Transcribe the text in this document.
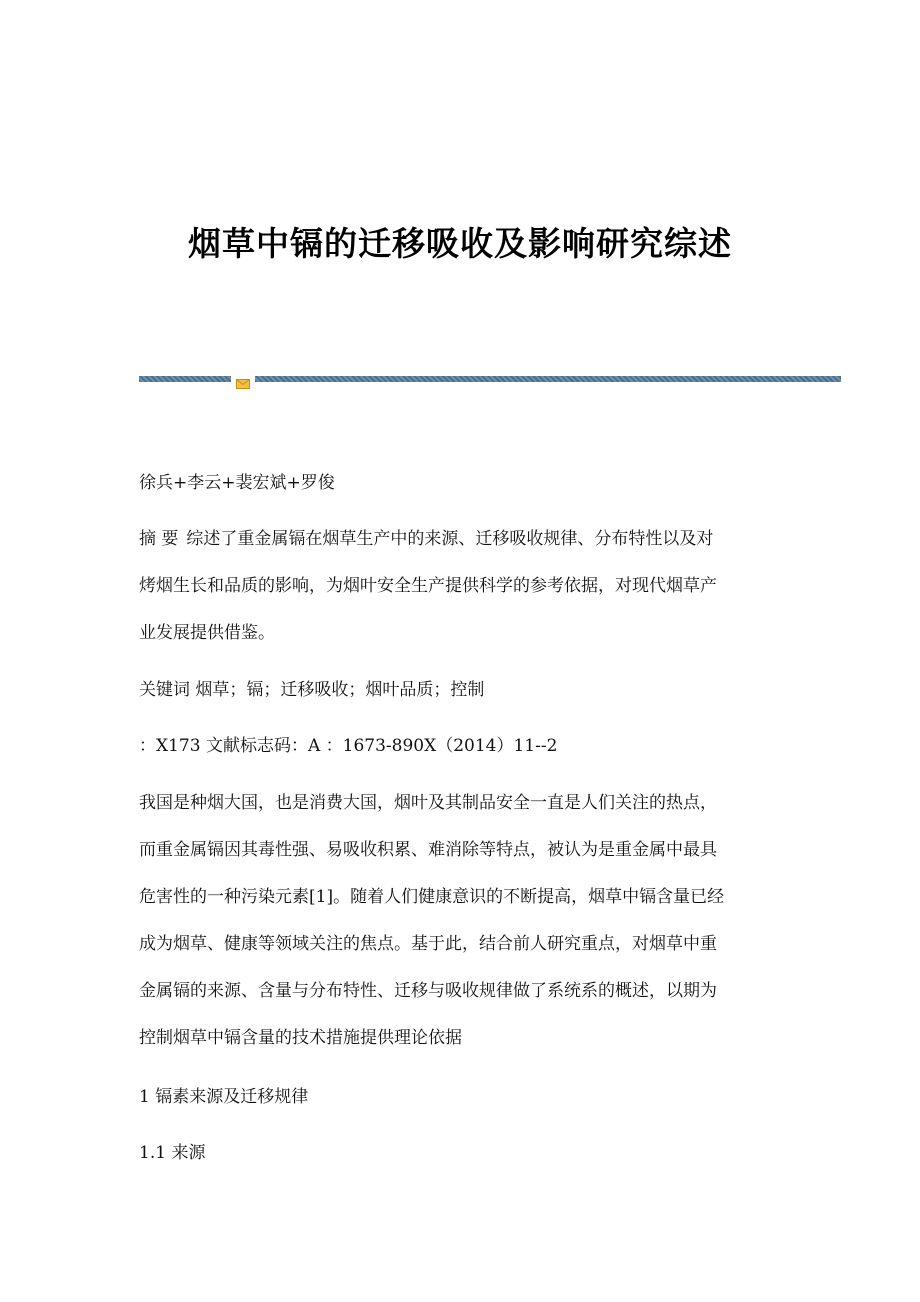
烟草中镉的迁移吸收及影响研究综述

徐兵+李云+裴宏斌+罗俊

摘 要 综述了重金属镉在烟草生产中的来源、迁移吸收规律、分布特性以及对
烤烟生长和品质的影响，为烟叶安全生产提供科学的参考依据，对现代烟草产
业发展提供借鉴。

关键词 烟草；镉；迁移吸收；烟叶品质；控制

：X173 文献标志码：A ：1673-890X（2014）11--2

我国是种烟大国，也是消费大国，烟叶及其制品安全一直是人们关注的热点，
而重金属镉因其毒性强、易吸收积累、难消除等特点，被认为是重金属中最具
危害性的一种污染元素[1]。随着人们健康意识的不断提高，烟草中镉含量已经
成为烟草、健康等领域关注的焦点。基于此，结合前人研究重点，对烟草中重
金属镉的来源、含量与分布特性、迁移与吸收规律做了系统系的概述，以期为
控制烟草中镉含量的技术措施提供理论依据

1 镉素来源及迁移规律

1.1 来源
